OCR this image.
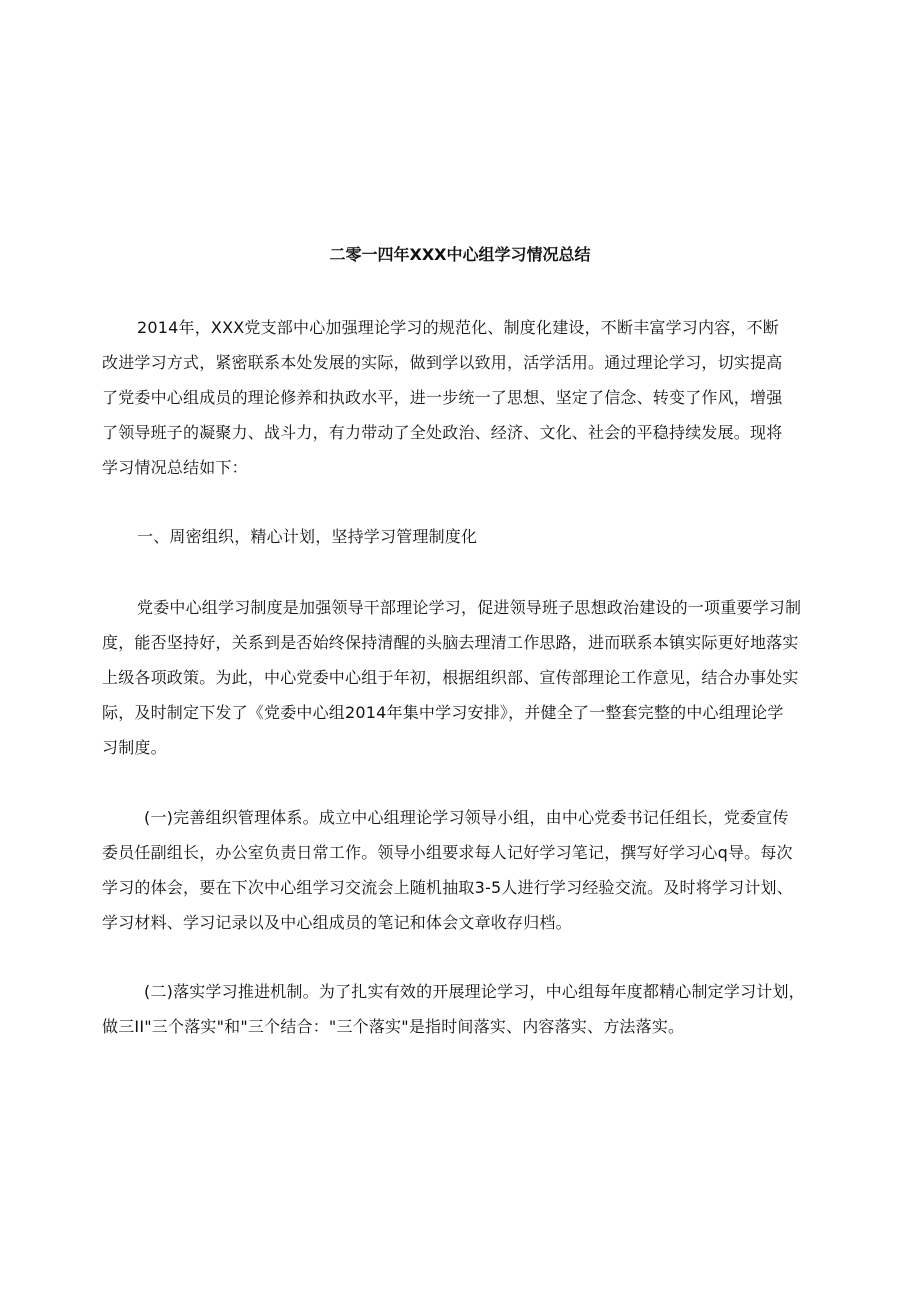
二零一四年XXX中心组学习情况总结
2014年，XXX党支部中心加强理论学习的规范化、制度化建设，不断丰富学习内容，不断
改进学习方式，紧密联系本处发展的实际，做到学以致用，活学活用。通过理论学习，切实提高
了党委中心组成员的理论修养和执政水平，进一步统一了思想、坚定了信念、转变了作风，增强
了领导班子的凝聚力、战斗力，有力带动了全处政治、经济、文化、社会的平稳持续发展。现将
学习情况总结如下：
一、周密组织，精心计划，坚持学习管理制度化
党委中心组学习制度是加强领导干部理论学习，促进领导班子思想政治建设的一项重要学习制
度，能否坚持好，关系到是否始终保持清醒的头脑去理清工作思路，进而联系本镇实际更好地落实
上级各项政策。为此，中心党委中心组于年初，根据组织部、宣传部理论工作意见，结合办事处实
际，及时制定下发了《党委中心组2014年集中学习安排》，并健全了一整套完整的中心组理论学
习制度。
(一)完善组织管理体系。成立中心组理论学习领导小组，由中心党委书记任组长，党委宣传
委员任副组长，办公室负责日常工作。领导小组要求每人记好学习笔记，撰写好学习心q导。每次
学习的体会，要在下次中心组学习交流会上随机抽取3-5人进行学习经验交流。及时将学习计划、
学习材料、学习记录以及中心组成员的笔记和体会文章收存归档。
(二)落实学习推进机制。为了扎实有效的开展理论学习，中心组每年度都精心制定学习计划，
做三II"三个落实"和"三个结合："三个落实"是指时间落实、内容落实、方法落实。
